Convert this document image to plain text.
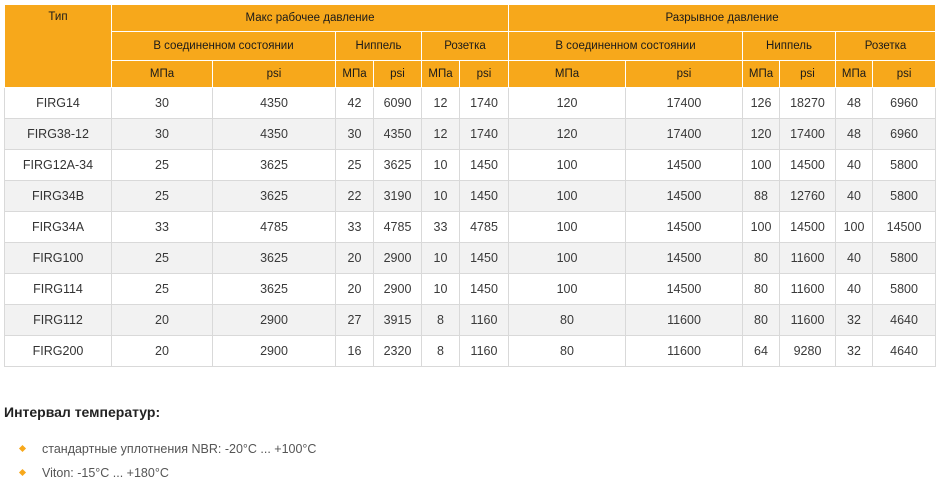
Тип	Макс рабочее давление						Разрывное давление					
	В соединенном состоянии		Ниппель		Розетка		В соединенном состоянии		Ниппель		Розетка	
	МПа	psi	МПа	psi	МПа	psi	МПа	psi	МПа	psi	МПа	psi
FIRG14	30	4350	42	6090	12	1740	120	17400	126	18270	48	6960
FIRG38-12	30	4350	30	4350	12	1740	120	17400	120	17400	48	6960
FIRG12A-34	25	3625	25	3625	10	1450	100	14500	100	14500	40	5800
FIRG34B	25	3625	22	3190	10	1450	100	14500	88	12760	40	5800
FIRG34A	33	4785	33	4785	33	4785	100	14500	100	14500	100	14500
FIRG100	25	3625	20	2900	10	1450	100	14500	80	11600	40	5800
FIRG114	25	3625	20	2900	10	1450	100	14500	80	11600	40	5800
FIRG112	20	2900	27	3915	8	1160	80	11600	80	11600	32	4640
FIRG200	20	2900	16	2320	8	1160	80	11600	64	9280	32	4640
Интервал температур:
стандартные уплотнения NBR: -20°C ... +100°C
Viton: -15°C ... +180°C
